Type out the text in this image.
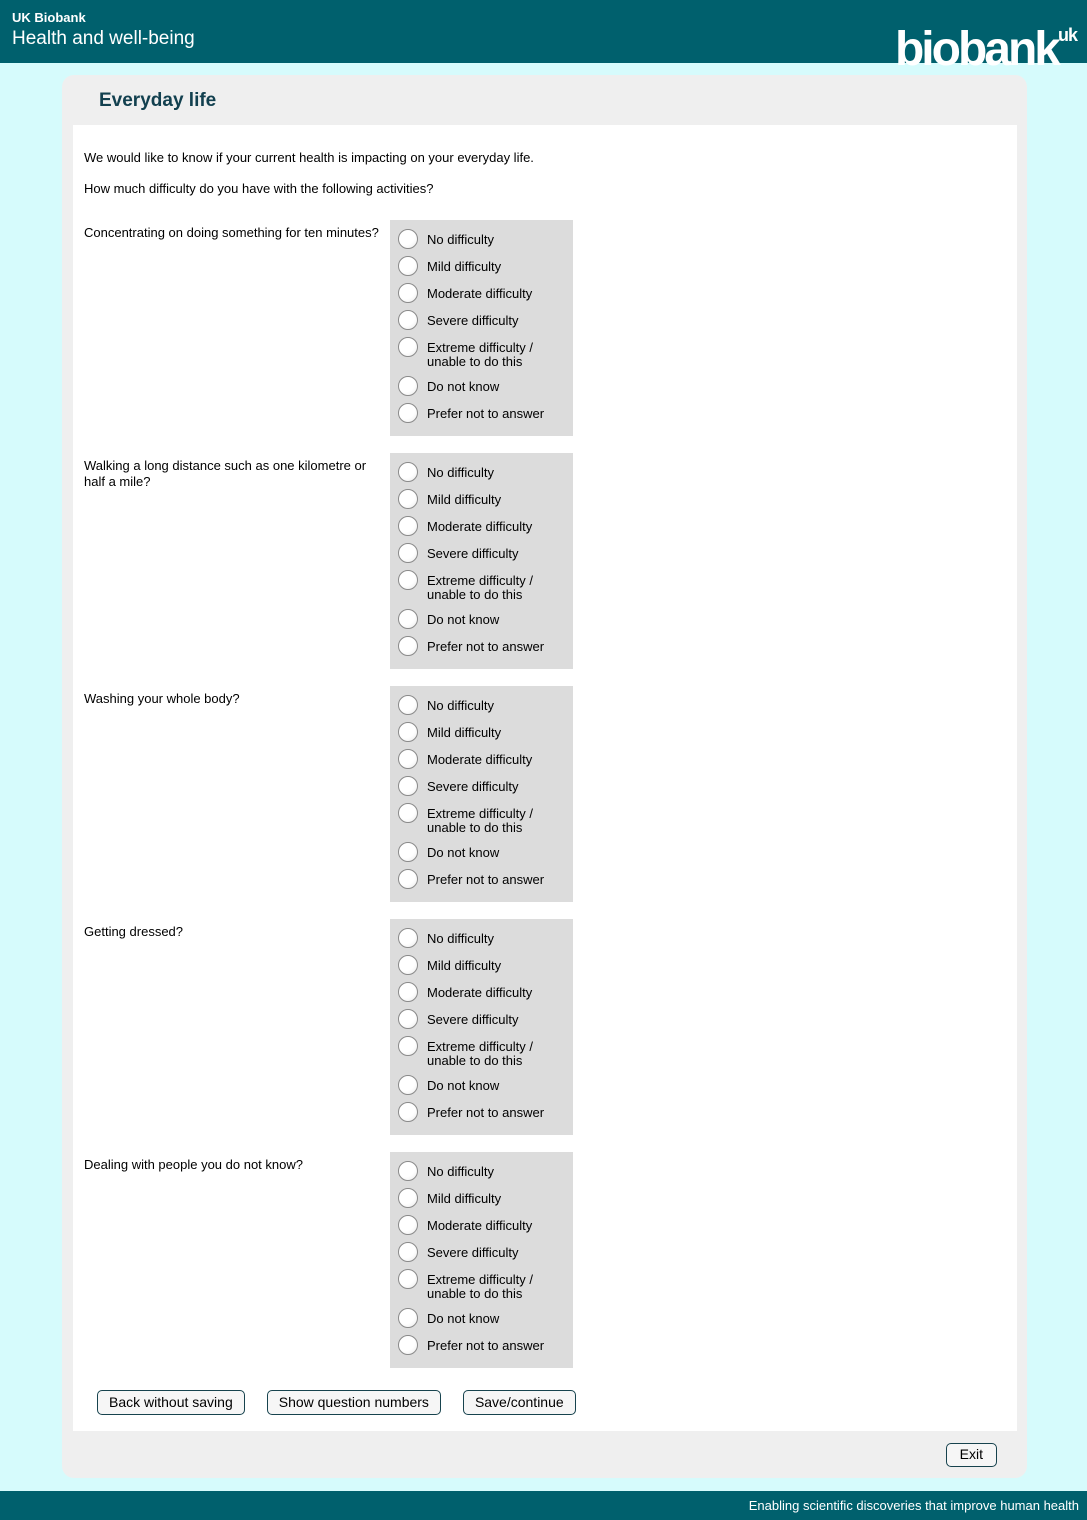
UK Biobank
Health and well-being	biobank$^{uk}$
Everyday life

We would like to know if your current health is impacting on your everyday life.

How much difficulty do you have with the following activities?

Concentrating on doing something for ten minutes?	No difficulty
Mild difficulty
Moderate difficulty
Severe difficulty
Extreme difficulty / unable to do this
Do not know
Prefer not to answer
Walking a long distance such as one kilometre or half a mile?
No difficulty
Mild difficulty
Moderate difficulty
Severe difficulty
Extreme difficulty / unable to do this
Do not know
Prefer not to answer
Washing your whole body?	No difficulty
Mild difficulty
Moderate difficulty
Severe difficulty
Extreme difficulty / unable to do this
Do not know
Prefer not to answer
Getting dressed?	No difficulty
Mild difficulty
Moderate difficulty
Severe difficulty
Extreme difficulty / unable to do this
Do not know
Prefer not to answer
Dealing with people you do not know?	No difficulty
Mild difficulty
Moderate difficulty
Severe difficulty
Extreme difficulty / unable to do this
Do not know
Prefer not to answer
Back without saving	Show question numbers	Save/continue
Exit
Enabling scientific discoveries that improve human health
